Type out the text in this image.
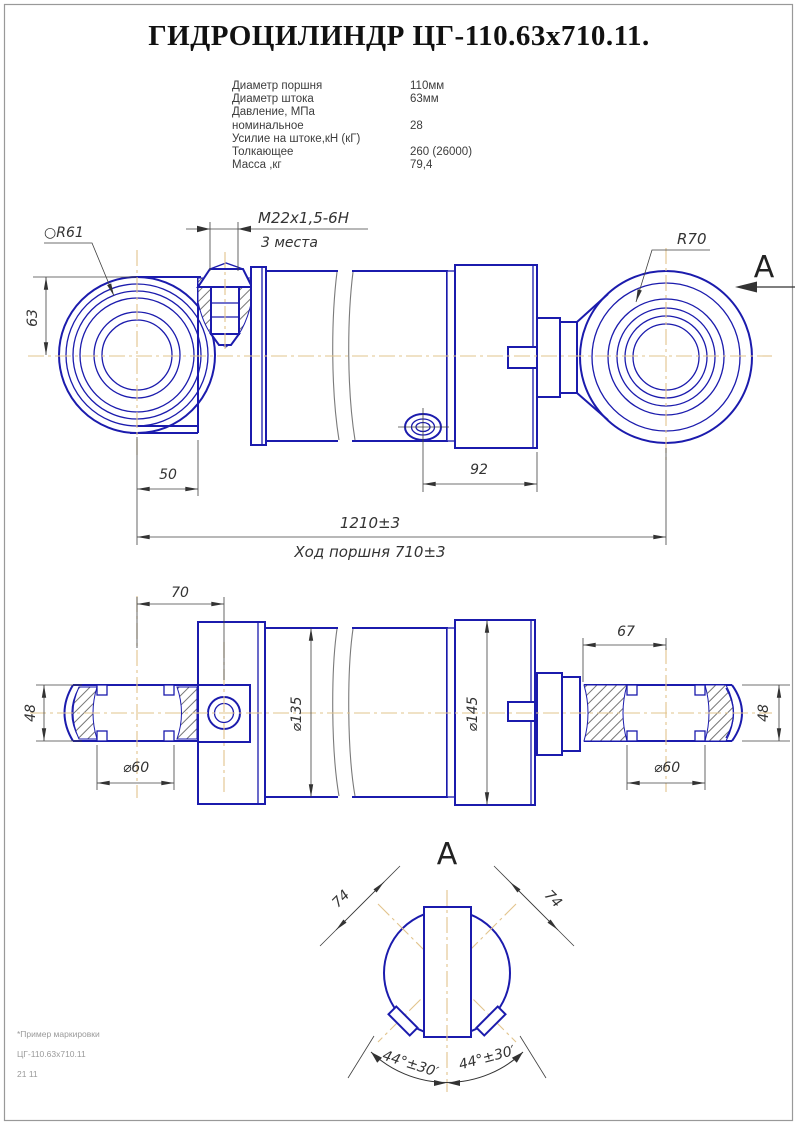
ГИДРОЦИЛИНДР ЦГ-110.63х710.11.
Диаметр поршня	110мм
Диаметр штока	63мм
Давление, МПа
номинальное	28
Усилие на штоке,кН (кГ)
Толкающее	260 (26000)
Масса ,кг	79,4
A
74	74
44°±30′ 44°±30′
63
50	92
1210±3
Ход поршня 710±3
○R61
M22x1,5-6H
3 места	R70
A
70
48
⌀60
⌀135	⌀145
67
48
⌀60
*Пример маркировки
ЦГ-110.63х710.11
21 11
